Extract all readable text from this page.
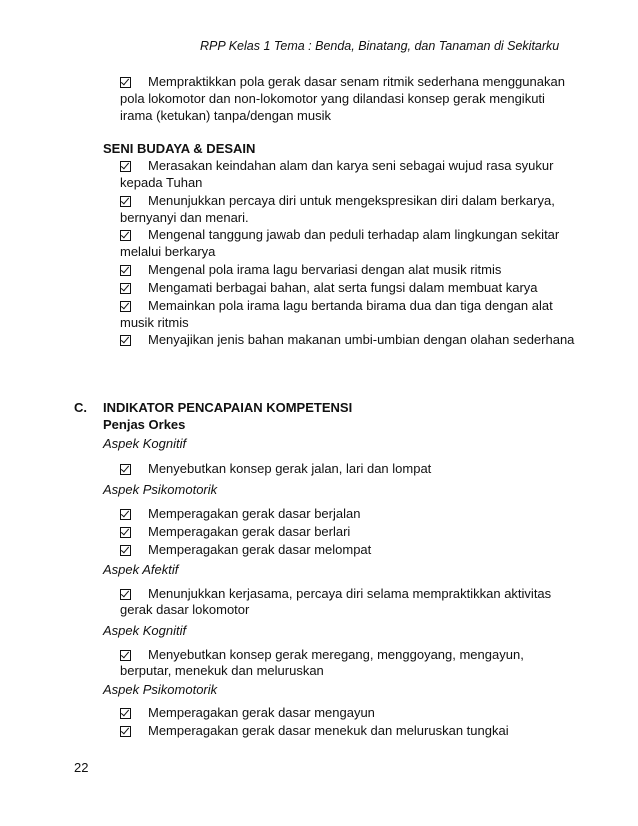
RPP Kelas 1 Tema : Benda, Binatang, dan Tanaman di Sekitarku
Mempraktikkan pola gerak dasar senam ritmik sederhana menggunakan
pola lokomotor dan non-lokomotor yang dilandasi konsep gerak mengikuti
irama (ketukan) tanpa/dengan musik
SENI BUDAYA & DESAIN
Merasakan keindahan alam dan karya seni sebagai wujud rasa syukur
kepada Tuhan
Menunjukkan percaya diri untuk mengekspresikan diri dalam berkarya,
bernyanyi dan menari.
Mengenal tanggung jawab dan peduli terhadap alam lingkungan sekitar
melalui berkarya
Mengenal pola irama lagu bervariasi dengan alat musik ritmis
Mengamati berbagai bahan, alat serta fungsi dalam membuat karya
Memainkan pola irama lagu bertanda birama dua dan tiga dengan alat
musik ritmis
Menyajikan jenis bahan makanan umbi-umbian dengan olahan sederhana
C. INDIKATOR PENCAPAIAN KOMPETENSI
Penjas Orkes
Aspek Kognitif
Menyebutkan konsep gerak jalan, lari dan lompat
Aspek Psikomotorik
Memperagakan gerak dasar berjalan
Memperagakan gerak dasar berlari
Memperagakan gerak dasar melompat
Aspek Afektif
Menunjukkan kerjasama, percaya diri selama mempraktikkan aktivitas
gerak dasar lokomotor
Aspek Kognitif
Menyebutkan konsep gerak meregang, menggoyang, mengayun,
berputar, menekuk dan meluruskan
Aspek Psikomotorik
Memperagakan gerak dasar mengayun
Memperagakan gerak dasar menekuk dan meluruskan tungkai
22
